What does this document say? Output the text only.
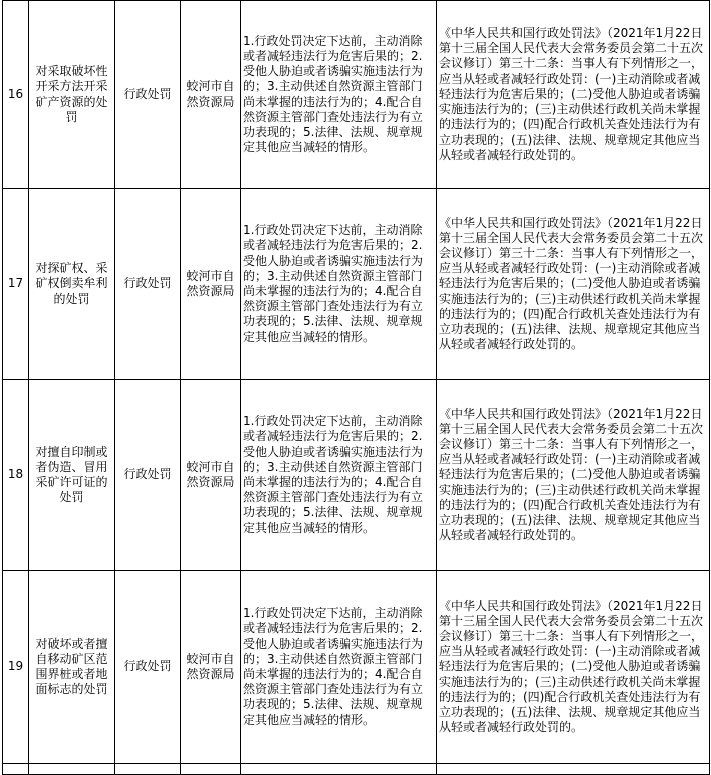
16	对采取破坏性开采方法开采矿产资源的处罚	行政处罚	蛟河市自然资源局	1.行政处罚决定下达前，主动消除或者减轻违法行为危害后果的；2.受他人胁迫或者诱骗实施违法行为的；3.主动供述自然资源主管部门尚未掌握的违法行为的；4.配合自然资源主管部门查处违法行为有立功表现的；5.法律、法规、规章规定其他应当减轻的情形。	《中华人民共和国行政处罚法》（2021年1月22日第十三届全国人民代表大会常务委员会第二十五次会议修订）第三十二条：当事人有下列情形之一，应当从轻或者减轻行政处罚：(一)主动消除或者减轻违法行为危害后果的；(二)受他人胁迫或者诱骗实施违法行为的；(三)主动供述行政机关尚未掌握的违法行为的；(四)配合行政机关查处违法行为有立功表现的；(五)法律、法规、规章规定其他应当从轻或者减轻行政处罚的。
17	对探矿权、采矿权倒卖牟利的处罚	行政处罚	蛟河市自然资源局	1.行政处罚决定下达前，主动消除或者减轻违法行为危害后果的；2.受他人胁迫或者诱骗实施违法行为的；3.主动供述自然资源主管部门尚未掌握的违法行为的；4.配合自然资源主管部门查处违法行为有立功表现的；5.法律、法规、规章规定其他应当减轻的情形。	《中华人民共和国行政处罚法》（2021年1月22日第十三届全国人民代表大会常务委员会第二十五次会议修订）第三十二条：当事人有下列情形之一，应当从轻或者减轻行政处罚：(一)主动消除或者减轻违法行为危害后果的；(二)受他人胁迫或者诱骗实施违法行为的；(三)主动供述行政机关尚未掌握的违法行为的；(四)配合行政机关查处违法行为有立功表现的；(五)法律、法规、规章规定其他应当从轻或者减轻行政处罚的。
18	对擅自印制或者伪造、冒用采矿许可证的处罚	行政处罚	蛟河市自然资源局	1.行政处罚决定下达前，主动消除或者减轻违法行为危害后果的；2.受他人胁迫或者诱骗实施违法行为的；3.主动供述自然资源主管部门尚未掌握的违法行为的；4.配合自然资源主管部门查处违法行为有立功表现的；5.法律、法规、规章规定其他应当减轻的情形。	《中华人民共和国行政处罚法》（2021年1月22日第十三届全国人民代表大会常务委员会第二十五次会议修订）第三十二条：当事人有下列情形之一，应当从轻或者减轻行政处罚：(一)主动消除或者减轻违法行为危害后果的；(二)受他人胁迫或者诱骗实施违法行为的；(三)主动供述行政机关尚未掌握的违法行为的；(四)配合行政机关查处违法行为有立功表现的；(五)法律、法规、规章规定其他应当从轻或者减轻行政处罚的。
19	对破坏或者擅自移动矿区范围界桩或者地面标志的处罚	行政处罚	蛟河市自然资源局	1.行政处罚决定下达前，主动消除或者减轻违法行为危害后果的；2.受他人胁迫或者诱骗实施违法行为的；3.主动供述自然资源主管部门尚未掌握的违法行为的；4.配合自然资源主管部门查处违法行为有立功表现的；5.法律、法规、规章规定其他应当减轻的情形。	《中华人民共和国行政处罚法》（2021年1月22日第十三届全国人民代表大会常务委员会第二十五次会议修订）第三十二条：当事人有下列情形之一，应当从轻或者减轻行政处罚：(一)主动消除或者减轻违法行为危害后果的；(二)受他人胁迫或者诱骗实施违法行为的；(三)主动供述行政机关尚未掌握的违法行为的；(四)配合行政机关查处违法行为有立功表现的；(五)法律、法规、规章规定其他应当从轻或者减轻行政处罚的。
